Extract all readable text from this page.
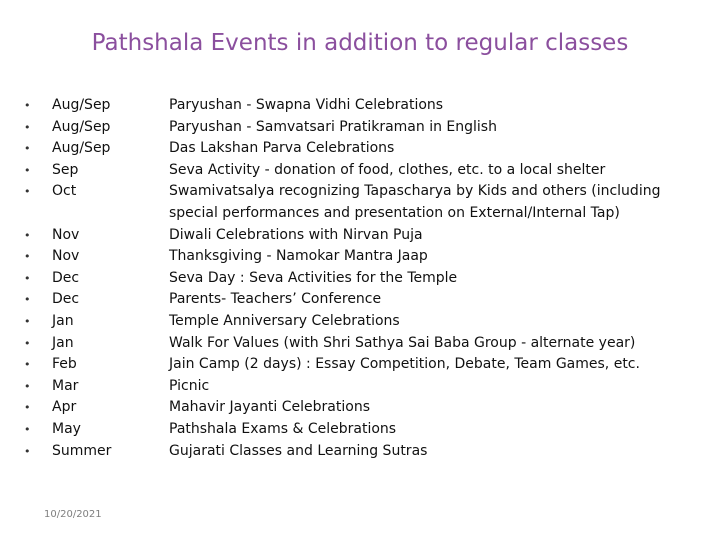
Pathshala Events in addition to regular classes
• Aug/Sep
• Aug/Sep
• Aug/Sep
• Sep
• Oct
• Nov
• Nov
• Dec
• Dec
• Jan
• Jan
• Feb
• Mar
• Apr
• May
• Summer
Paryushan - Swapna Vidhi Celebrations
Paryushan - Samvatsari Pratikraman in English
Das Lakshan Parva Celebrations
Seva Activity - donation of food, clothes, etc. to a local shelter
Swamivatsalya recognizing Tapascharya by Kids and others (including special performances and presentation on External/Internal Tap)
Diwali Celebrations with Nirvan Puja
Thanksgiving - Namokar Mantra Jaap
Seva Day : Seva Activities for the Temple
Parents- Teachers’ Conference
Temple Anniversary Celebrations
Walk For Values (with Shri Sathya Sai Baba Group - alternate year)
Jain Camp (2 days) : Essay Competition, Debate, Team Games, etc.
Picnic
Mahavir Jayanti Celebrations
Pathshala Exams & Celebrations
Gujarati Classes and Learning Sutras
10/20/2021
